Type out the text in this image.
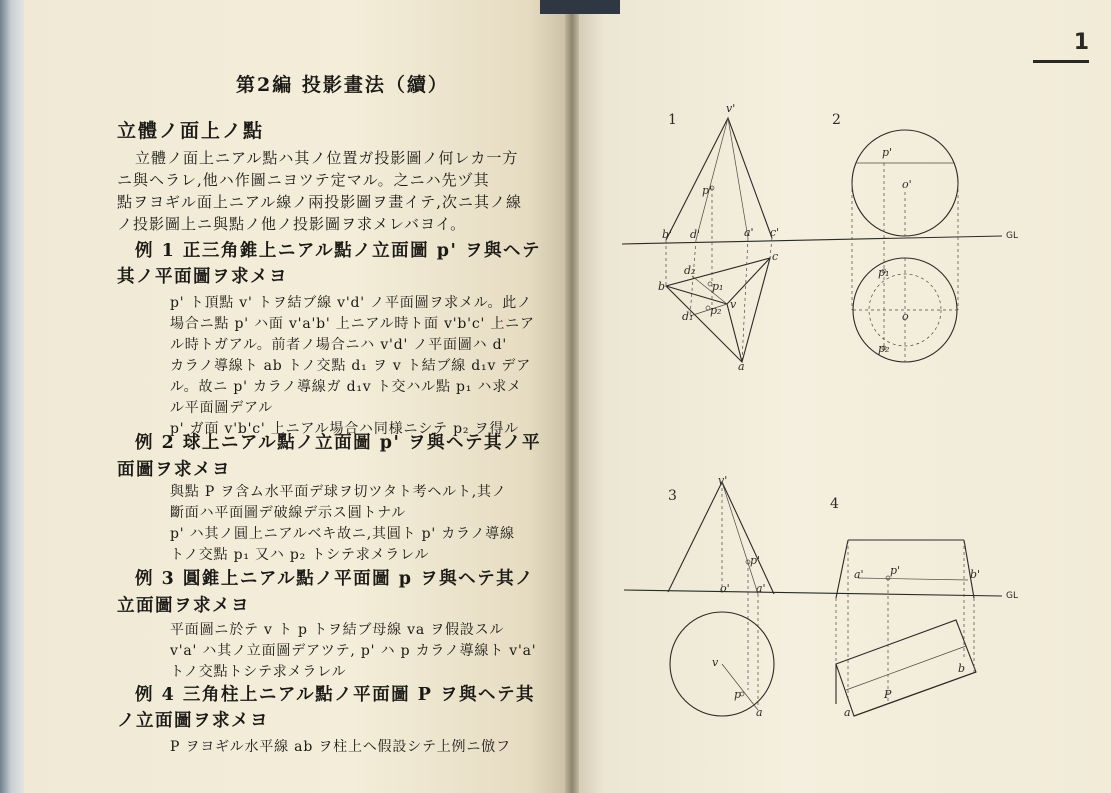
第2編 投影畫法（續）
立體ノ面上ノ點
立體ノ面上ニアル點ハ其ノ位置ガ投影圖ノ何レカ一方
ニ與ヘラレ,他ハ作圖ニヨツテ定マル。之ニハ先ヅ其
點ヲヨギル面上ニアル線ノ兩投影圖ヲ畫イテ,次ニ其ノ線
ノ投影圖上ニ與點ノ他ノ投影圖ヲ求メレバヨイ。
例 1 正三角錐上ニアル點ノ立面圖 p' ヲ與ヘテ
其ノ平面圖ヲ求メヨ
p' ト頂點 v' トヲ結ブ線 v'd' ノ平面圖ヲ求メル。此ノ
場合ニ點 p' ハ面 v'a'b' 上ニアル時ト面 v'b'c' 上ニア
ル時トガアル。前者ノ場合ニハ v'd' ノ平面圖ハ d'
カラノ導線ト ab トノ交點 d₁ ヲ v ト結ブ線 d₁v デア
ル。故ニ p' カラノ導線ガ d₁v ト交ハル點 p₁ ハ求メ
ル平面圖デアル
p' ガ面 v'b'c' 上ニアル場合ハ同様ニシテ p₂ ヲ得ル
例 2 球上ニアル點ノ立面圖 p' ヲ與ヘテ其ノ平
面圖ヲ求メヨ
與點 P ヲ含ム水平面デ球ヲ切ツタト考ヘルト,其ノ
斷面ハ平面圖デ破線デ示ス圓トナル
p' ハ其ノ圓上ニアルベキ故ニ,其圓ト p' カラノ導線
トノ交點 p₁ 又ハ p₂ トシテ求メラレル
例 3 圓錐上ニアル點ノ平面圖 p ヲ與ヘテ其ノ
立面圖ヲ求メヨ
平面圖ニ於テ v ト p トヲ結ブ母線 va ヲ假設スル
v'a' ハ其ノ立面圖デアツテ, p' ハ p カラノ導線ト v'a'
トノ交點トシテ求メラレル
例 4 三角柱上ニアル點ノ平面圖 P ヲ與ヘテ其
ノ立面圖ヲ求メヨ
P ヲヨギル水平線 ab ヲ柱上ヘ假設シテ上例ニ倣フ
1
1	2
3	4
GL
GL
v'
b' d'	a' c'
p'
b
c
d₂
p₁
d₁ p₂ v
a
p'
o'
p₁
o
p₂
v'
p'
o' a'
v
p
a
a' p'	b'
b
P
a
